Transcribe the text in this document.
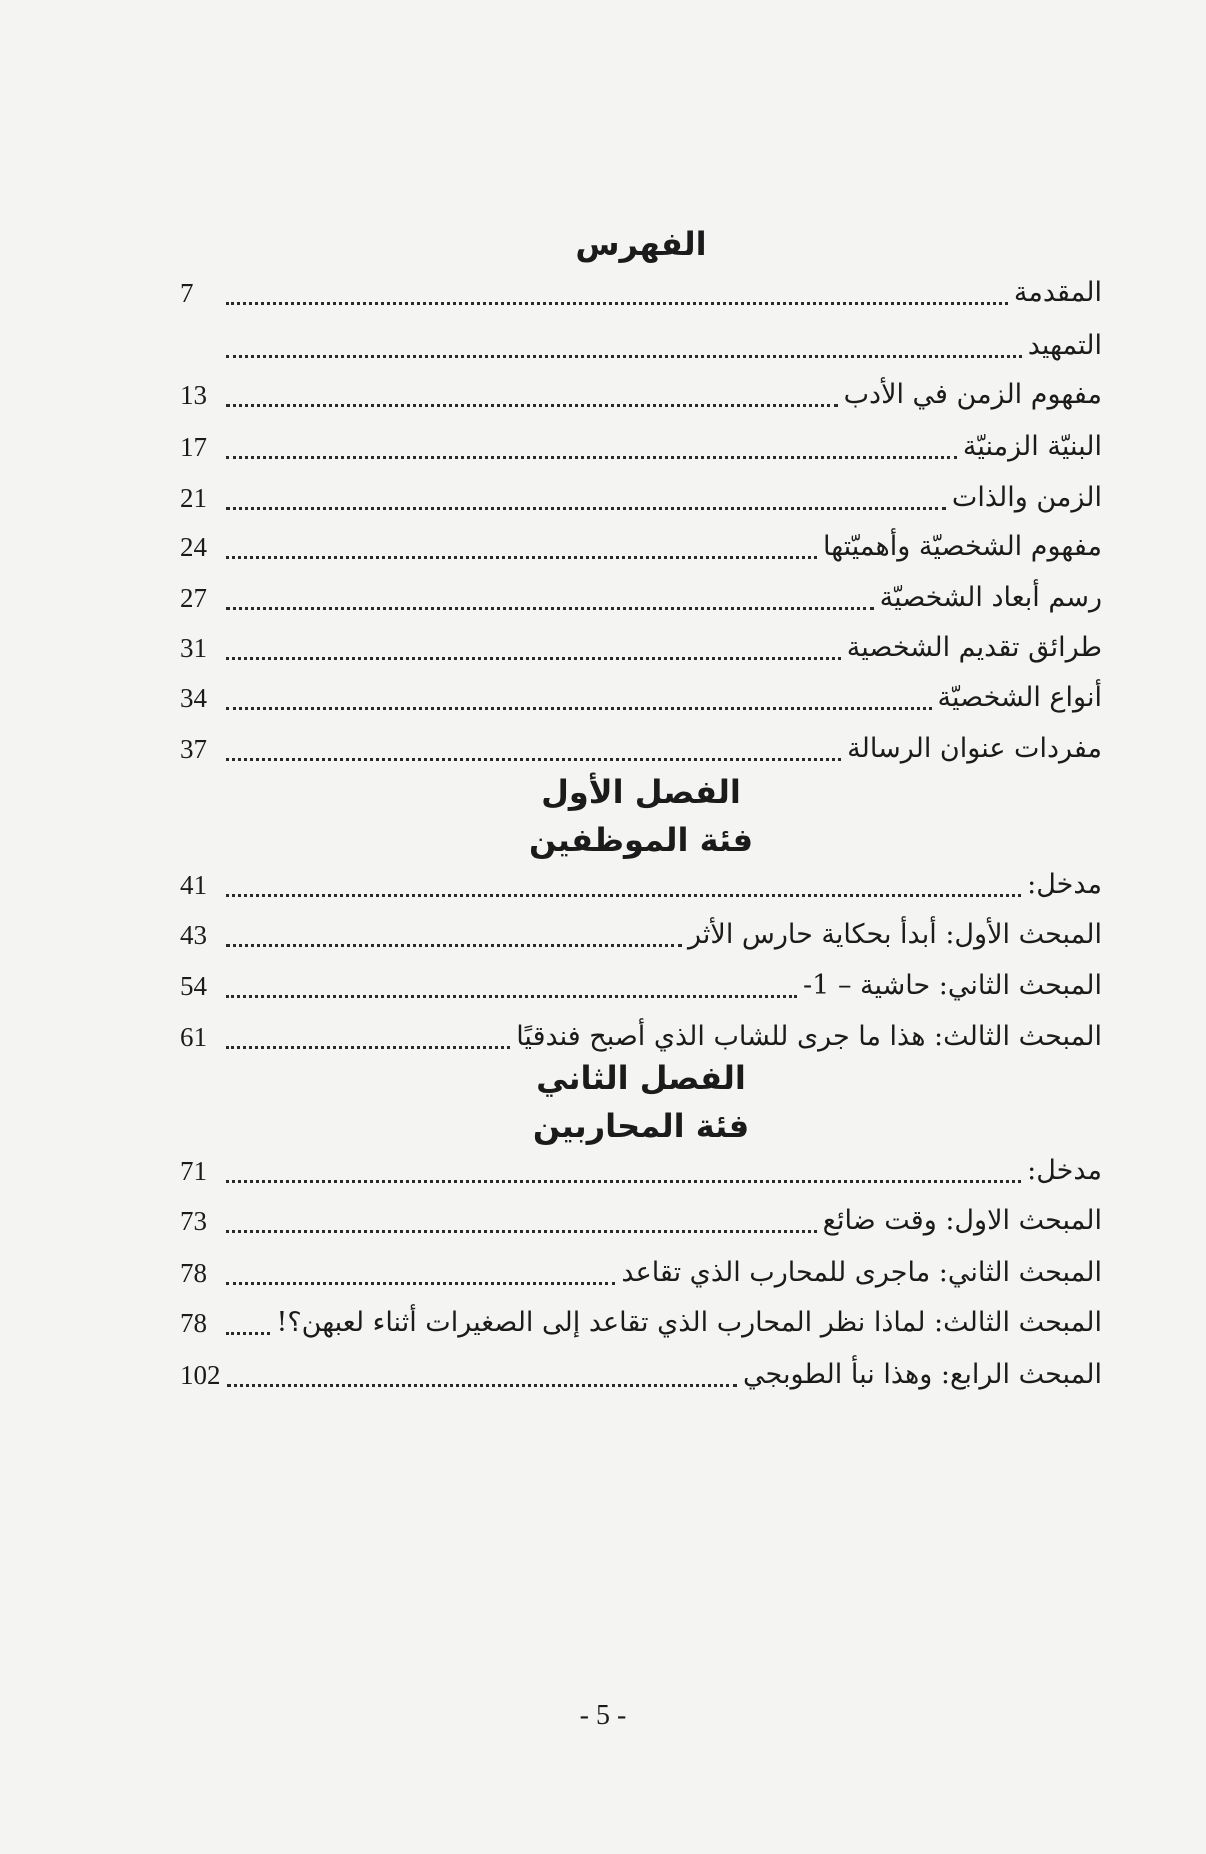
الفهرس
المقدمة
7
التمهيد
مفهوم الزمن في الأدب
13
البنيّة الزمنيّة
17
الزمن والذات
21
مفهوم الشخصيّة وأهميّتها
24
رسم أبعاد الشخصيّة
27
طرائق تقديم الشخصية
31
أنواع الشخصيّة
34
مفردات عنوان الرسالة
37
الفصل الأول
فئة الموظفين
مدخل:
41
المبحث الأول: أبدأ بحكاية حارس الأثر
43
المبحث الثاني: حاشية – 1-
54
المبحث الثالث: هذا ما جرى للشاب الذي أصبح فندقيًا
61
الفصل الثاني
فئة المحاربين
مدخل:
71
المبحث الاول: وقت ضائع
73
المبحث الثاني: ماجرى للمحارب الذي تقاعد
78
المبحث الثالث: لماذا نظر المحارب الذي تقاعد إلى الصغيرات أثناء لعبهن؟!
78
المبحث الرابع: وهذا نبأ الطوبجي
102
- 5 -
